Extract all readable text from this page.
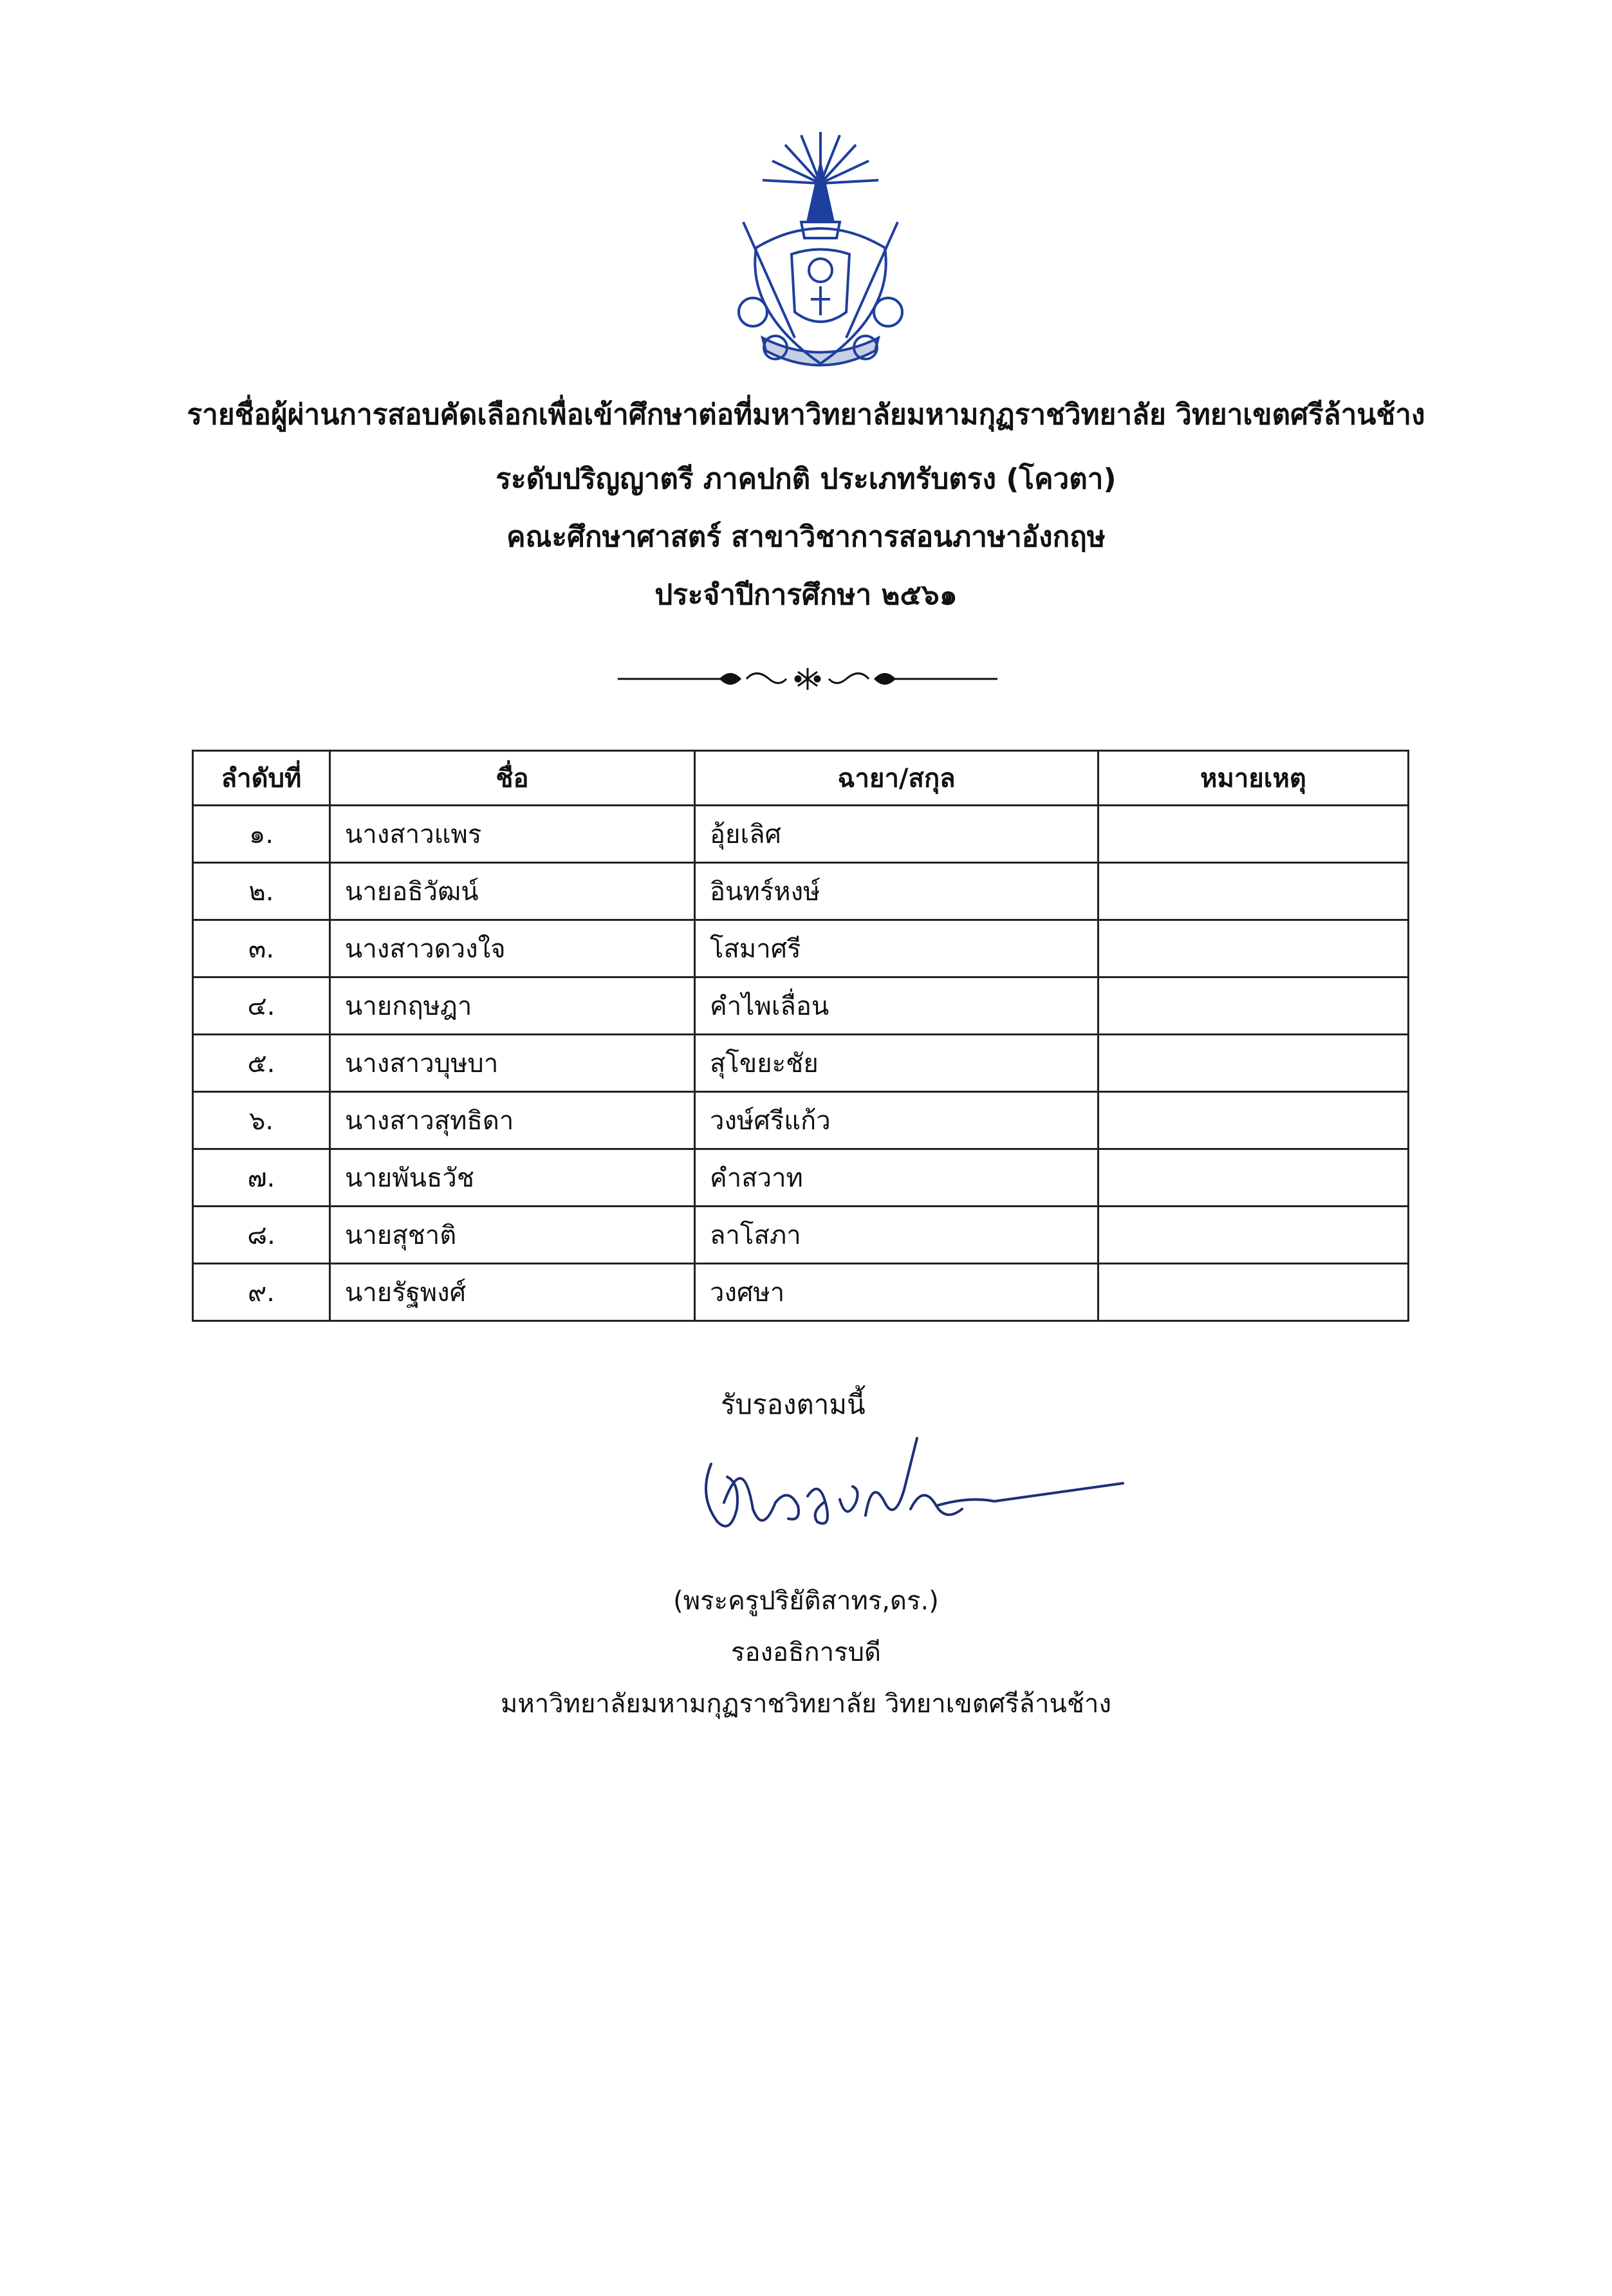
รายชื่อผู้ผ่านการสอบคัดเลือกเพื่อเข้าศึกษาต่อที่มหาวิทยาลัยมหามกุฏราชวิทยาลัย วิทยาเขตศรีล้านช้าง
ระดับปริญญาตรี ภาคปกติ ประเภทรับตรง (โควตา)
คณะศึกษาศาสตร์ สาขาวิชาการสอนภาษาอังกฤษ
ประจำปีการศึกษา ๒๕๖๑
ลำดับที่	ชื่อ	ฉายา/สกุล	หมายเหตุ
๑.	นางสาวแพร	อุ้ยเลิศ	
๒.	นายอธิวัฒน์	อินทร์หงษ์	
๓.	นางสาวดวงใจ	โสมาศรี	
๔.	นายกฤษฎา	คำไพเลื่อน	
๕.	นางสาวบุษบา	สุโขยะชัย	
๖.	นางสาวสุทธิดา	วงษ์ศรีแก้ว	
๗.	นายพันธวัช	คำสวาท	
๘.	นายสุชาติ	ลาโสภา	
๙.	นายรัฐพงศ์	วงศษา	
รับรองตามนี้
(พระครูปริยัติสาทร,ดร.)
รองอธิการบดี
มหาวิทยาลัยมหามกุฏราชวิทยาลัย วิทยาเขตศรีล้านช้าง
